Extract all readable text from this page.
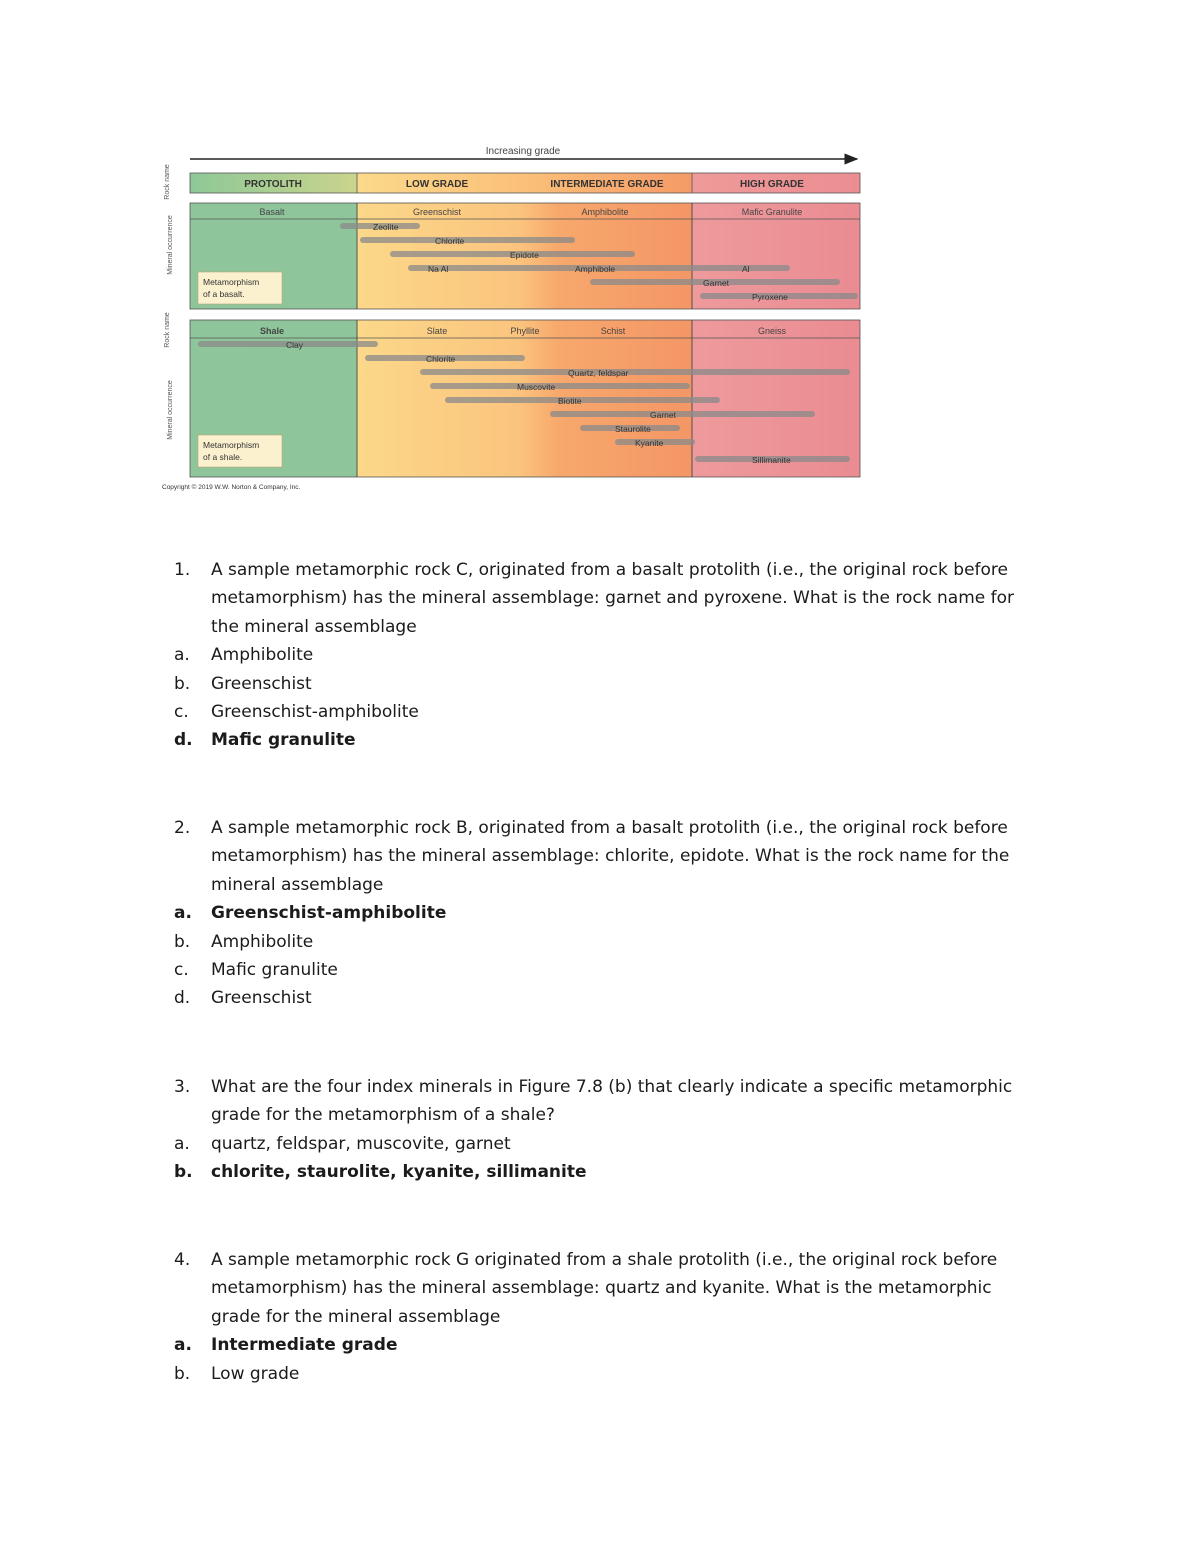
Increasing grade
Rock name
Mineral occurrence
Rock name
Mineral occurrence
PROTOLITH	LOW GRADE	INTERMEDIATE GRADE	HIGH GRADE
Basalt	Greenschist	Amphibolite	Mafic Granulite
Zeolite
Chlorite
Epidote
Na Al	Amphibole	Al
Garnet
Pyroxene
Metamorphism
of a basalt.
Shale	Slate	Phyllite	Schist	Gneiss
Clay
Chlorite
Quartz, feldspar
Muscovite
Biotite
Garnet
Staurolite
Kyanite
Sillimanite
Metamorphism
of a shale.
Copyright © 2019 W.W. Norton & Company, Inc.
1.	A sample metamorphic rock C, originated from a basalt protolith (i.e., the original rock before metamorphism) has the mineral assemblage: garnet and pyroxene. What is the rock name for the mineral assemblage
a.	Amphibolite
b.	Greenschist
c.	Greenschist-amphibolite
d.	Mafic granulite
2.	A sample metamorphic rock B, originated from a basalt protolith (i.e., the original rock before metamorphism) has the mineral assemblage: chlorite, epidote. What is the rock name for the mineral assemblage
a.	Greenschist-amphibolite
b.	Amphibolite
c.	Mafic granulite
d.	Greenschist
3.	What are the four index minerals in Figure 7.8 (b) that clearly indicate a specific metamorphic grade for the metamorphism of a shale?
a.	quartz, feldspar, muscovite, garnet
b.	chlorite, staurolite, kyanite, sillimanite
4.	A sample metamorphic rock G originated from a shale protolith (i.e., the original rock before metamorphism) has the mineral assemblage: quartz and kyanite. What is the metamorphic grade for the mineral assemblage
a.	Intermediate grade
b.	Low grade
